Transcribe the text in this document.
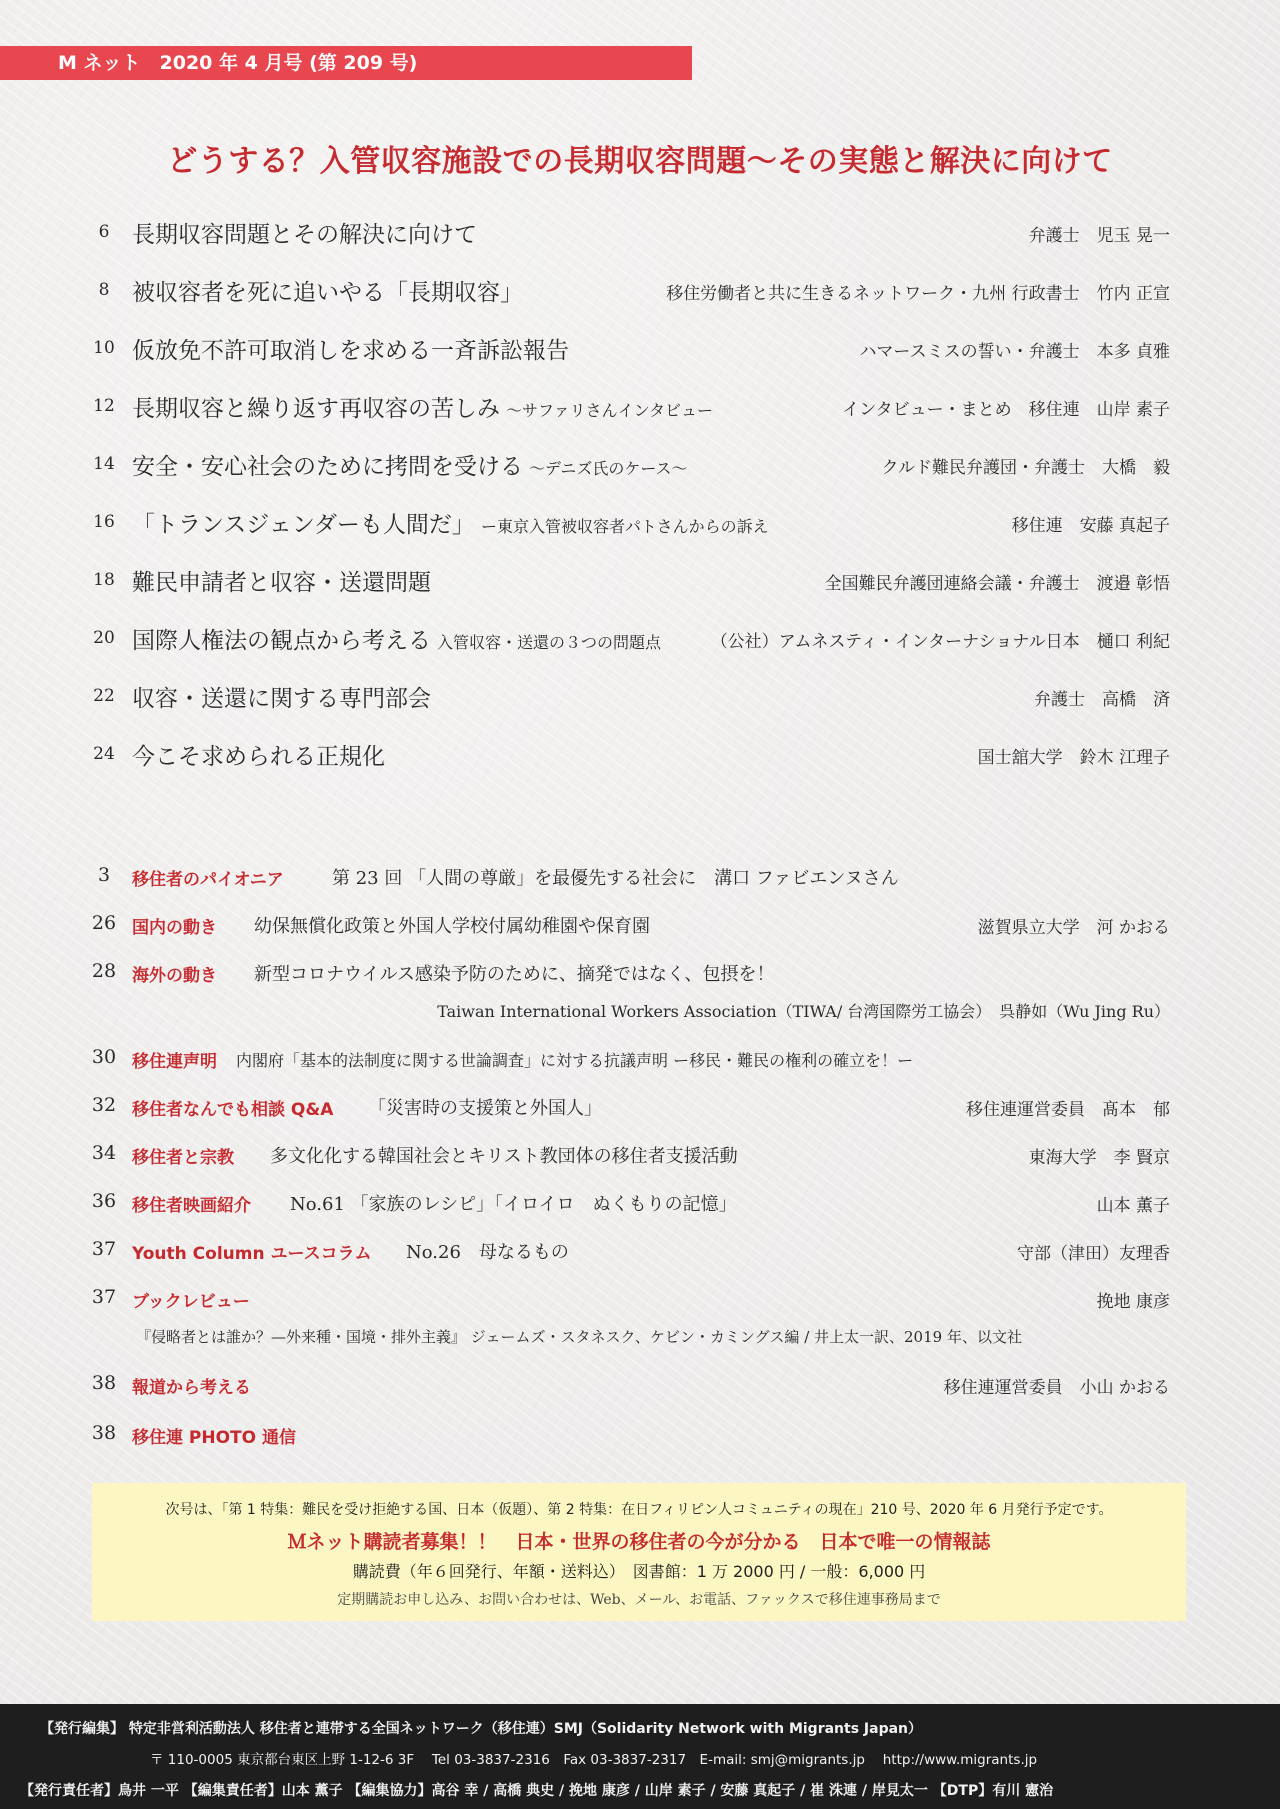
M ネット　2020 年 4 月号 (第 209 号)
どうする？入管収容施設での長期収容問題〜その実態と解決に向けて
6 長期収容問題とその解決に向けて	弁護士　児玉 晃一
8 被収容者を死に追いやる「長期収容」	移住労働者と共に生きるネットワーク・九州 行政書士　竹内 正宣
10 仮放免不許可取消しを求める一斉訴訟報告	ハマースミスの誓い・弁護士　本多 貞雅
12 長期収容と繰り返す再収容の苦しみ 〜サファリさんインタビュー	インタビュー・まとめ　移住連　山岸 素子
14 安全・安心社会のために拷問を受ける 〜デニズ氏のケース〜	クルド難民弁護団・弁護士　大橋　毅
16 「トランスジェンダーも人間だ」 ー東京入管被収容者パトさんからの訴え	移住連　安藤 真起子
18 難民申請者と収容・送還問題	全国難民弁護団連絡会議・弁護士　渡邉 彰悟
20 国際人権法の観点から考える 入管収容・送還の３つの問題点	（公社）アムネスティ・インターナショナル日本　樋口 利紀
22 収容・送還に関する専門部会	弁護士　高橋　済
24 今こそ求められる正規化	国士舘大学　鈴木 江理子
3	移住者のパイオニア	第 23 回 「人間の尊厳」を最優先する社会に　溝口 ファビエンヌさん
26 国内の動き 幼保無償化政策と外国人学校付属幼稚園や保育園	滋賀県立大学　河 かおる
28 海外の動き 新型コロナウイルス感染予防のために、摘発ではなく、包摂を！
Taiwan International Workers Association（TIWA/ 台湾国際労工協会）　呉静如（Wu Jing Ru）
30 移住連声明 内閣府「基本的法制度に関する世論調査」に対する抗議声明 ー移民・難民の権利の確立を！ー
32 移住者なんでも相談 Q&A 「災害時の支援策と外国人」	移住連運営委員　髙本　郁
34 移住者と宗教 多文化化する韓国社会とキリスト教団体の移住者支援活動	東海大学　李 賢京
36 移住者映画紹介 No.61 「家族のレシピ」「イロイロ　ぬくもりの記憶」	山本 薫子
37 Youth Column ユースコラム No.26　母なるもの	守部（津田）友理香
37 ブックレビュー	挽地 康彦
『侵略者とは誰か？—外来種・国境・排外主義』 ジェームズ・スタネスク、ケビン・カミングス編 / 井上太一訳、2019 年、以文社
38 報道から考える	移住連運営委員　小山 かおる
38 移住連 PHOTO 通信
次号は、「第 1 特集：難民を受け拒絶する国、日本（仮題）、第 2 特集：在日フィリピン人コミュニティの現在」210 号、2020 年 6 月発行予定です。
Ｍネット購読者募集！！　日本・世界の移住者の今が分かる　日本で唯一の情報誌
購読費（年６回発行、年額・送料込）　図書館：1 万 2000 円 / 一般：6,000 円
定期購読お申し込み、お問い合わせは、Web、メール、お電話、ファックスで移住連事務局まで
【発行編集】 特定非営利活動法人 移住者と連帯する全国ネットワーク（移住連）SMJ（Solidarity Network with Migrants Japan）
〒 110-0005 東京都台東区上野 1-12-6 3F　 Tel 03-3837-2316　Fax 03-3837-2317　E-mail: smj@migrants.jp　 http://www.migrants.jp
【発行責任者】鳥井 一平 【編集責任者】山本 薫子 【編集協力】高谷 幸 / 高橋 典史 / 挽地 康彦 / 山岸 素子 / 安藤 真起子 / 崔 洙連 / 岸見太一 【DTP】有川 憲治
